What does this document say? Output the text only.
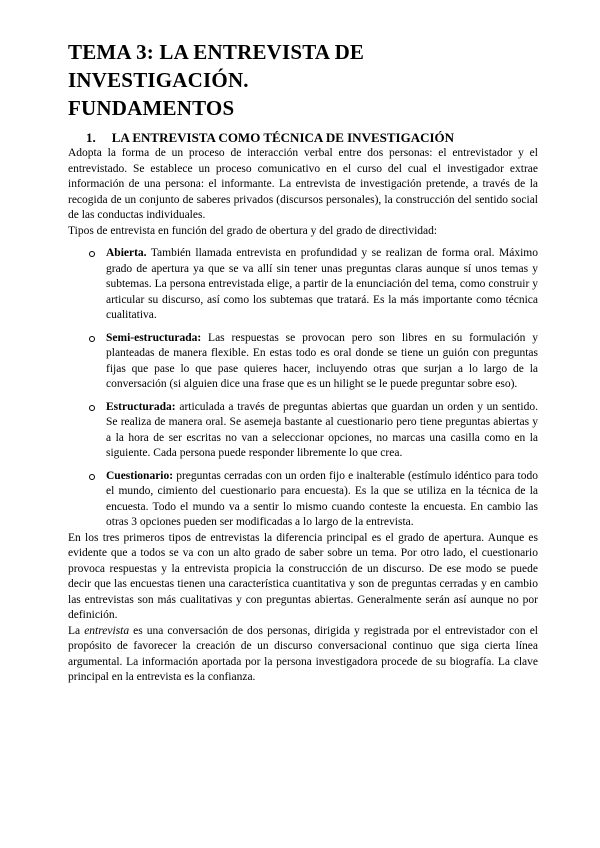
TEMA 3: LA ENTREVISTA DE INVESTIGACIÓN.
FUNDAMENTOS
1. LA ENTREVISTA COMO TÉCNICA DE INVESTIGACIÓN

Adopta la forma de un proceso de interacción verbal entre dos personas: el entrevistador y el entrevistado. Se establece un proceso comunicativo en el curso del cual el investigador extrae información de una persona: el informante. La entrevista de investigación pretende, a través de la recogida de un conjunto de saberes privados (discursos personales), la construcción del sentido social de las conductas individuales.

Tipos de entrevista en función del grado de obertura y del grado de directividad:

Abierta. También llamada entrevista en profundidad y se realizan de forma oral. Máximo grado de apertura ya que se va allí sin tener unas preguntas claras aunque sí unos temas y subtemas. La persona entrevistada elige, a partir de la enunciación del tema, como construir y articular su discurso, así como los subtemas que tratará. Es la más importante como técnica cualitativa.
Semi-estructurada: Las respuestas se provocan pero son libres en su formulación y planteadas de manera flexible. En estas todo es oral donde se tiene un guión con preguntas fijas que pase lo que pase quieres hacer, incluyendo otras que surjan a lo largo de la conversación (si alguien dice una frase que es un hilight se le puede preguntar sobre eso).
Estructurada: articulada a través de preguntas abiertas que guardan un orden y un sentido. Se realiza de manera oral. Se asemeja bastante al cuestionario pero tiene preguntas abiertas y a la hora de ser escritas no van a seleccionar opciones, no marcas una casilla como en la siguiente. Cada persona puede responder libremente lo que crea.
Cuestionario: preguntas cerradas con un orden fijo e inalterable (estímulo idéntico para todo el mundo, cimiento del cuestionario para encuesta). Es la que se utiliza en la técnica de la encuesta. Todo el mundo va a sentir lo mismo cuando conteste la encuesta. En cambio las otras 3 opciones pueden ser modificadas a lo largo de la entrevista.

En los tres primeros tipos de entrevistas la diferencia principal es el grado de apertura. Aunque es evidente que a todos se va con un alto grado de saber sobre un tema. Por otro lado, el cuestionario provoca respuestas y la entrevista propicia la construcción de un discurso. De ese modo se puede decir que las encuestas tienen una característica cuantitativa y son de preguntas cerradas y en cambio las entrevistas son más cualitativas y con preguntas abiertas. Generalmente serán así aunque no por definición.

La entrevista es una conversación de dos personas, dirigida y registrada por el entrevistador con el propósito de favorecer la creación de un discurso conversacional continuo que siga cierta línea argumental. La información aportada por la persona investigadora procede de su biografía. La clave principal en la entrevista es la confianza.
